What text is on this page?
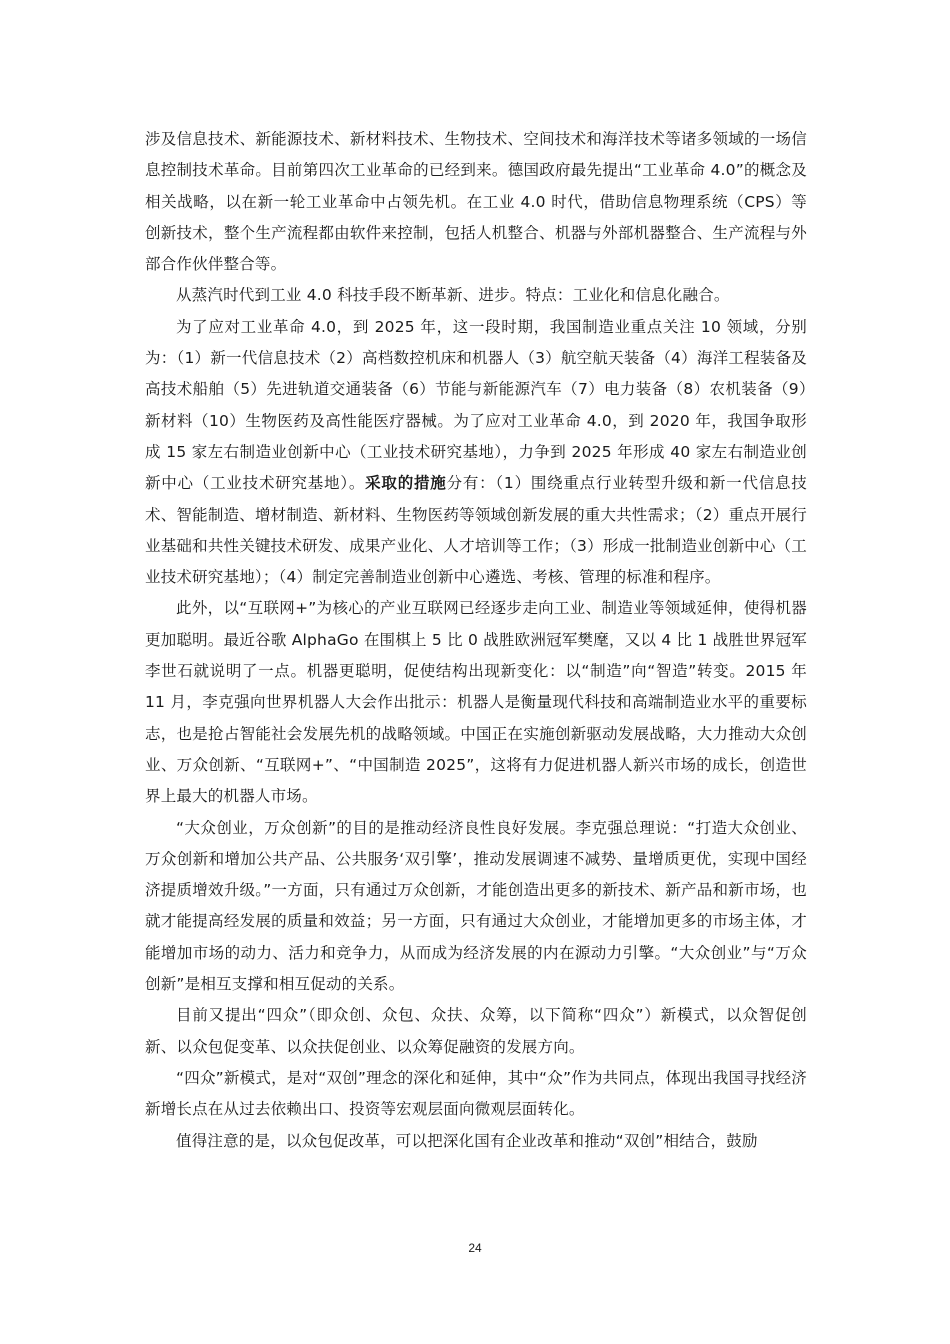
涉及信息技术、新能源技术、新材料技术、生物技术、空间技术和海洋技术等诸多领域的一场信息控制技术革命。目前第四次工业革命的已经到来。德国政府最先提出“工业革命 4.0”的概念及相关战略，以在新一轮工业革命中占领先机。在工业 4.0 时代，借助信息物理系统（CPS）等创新技术，整个生产流程都由软件来控制，包括人机整合、机器与外部机器整合、生产流程与外部合作伙伴整合等。

从蒸汽时代到工业 4.0 科技手段不断革新、进步。特点：工业化和信息化融合。

为了应对工业革命 4.0，到 2025 年，这一段时期，我国制造业重点关注 10 领域，分别为：（1）新一代信息技术（2）高档数控机床和机器人（3）航空航天装备（4）海洋工程装备及高技术船舶（5）先进轨道交通装备（6）节能与新能源汽车（7）电力装备（8）农机装备（9）新材料（10）生物医药及高性能医疗器械。为了应对工业革命 4.0，到 2020 年，我国争取形成 15 家左右制造业创新中心（工业技术研究基地），力争到 2025 年形成 40 家左右制造业创新中心（工业技术研究基地）。采取的措施分有：（1）围绕重点行业转型升级和新一代信息技术、智能制造、增材制造、新材料、生物医药等领域创新发展的重大共性需求；（2）重点开展行业基础和共性关键技术研发、成果产业化、人才培训等工作；（3）形成一批制造业创新中心（工业技术研究基地）；（4）制定完善制造业创新中心遴选、考核、管理的标准和程序。

此外，以“互联网+”为核心的产业互联网已经逐步走向工业、制造业等领域延伸，使得机器更加聪明。最近谷歌 AlphaGo 在围棋上 5 比 0 战胜欧洲冠军樊麾，又以 4 比 1 战胜世界冠军李世石就说明了一点。机器更聪明，促使结构出现新变化：以“制造”向“智造”转变。2015 年 11 月，李克强向世界机器人大会作出批示：机器人是衡量现代科技和高端制造业水平的重要标志，也是抢占智能社会发展先机的战略领域。中国正在实施创新驱动发展战略，大力推动大众创业、万众创新、“互联网+”、“中国制造 2025”，这将有力促进机器人新兴市场的成长，创造世界上最大的机器人市场。

“大众创业，万众创新”的目的是推动经济良性良好发展。李克强总理说：“打造大众创业、万众创新和增加公共产品、公共服务‘双引擎’，推动发展调速不减势、量增质更优，实现中国经济提质增效升级。”一方面，只有通过万众创新，才能创造出更多的新技术、新产品和新市场，也就才能提高经发展的质量和效益；另一方面，只有通过大众创业，才能增加更多的市场主体，才能增加市场的动力、活力和竞争力，从而成为经济发展的内在源动力引擎。“大众创业”与“万众创新”是相互支撑和相互促动的关系。

目前又提出“四众”（即众创、众包、众扶、众筹，以下简称“四众”）新模式，以众智促创新、以众包促变革、以众扶促创业、以众筹促融资的发展方向。

“四众”新模式，是对“双创”理念的深化和延伸，其中“众”作为共同点，体现出我国寻找经济新增长点在从过去依赖出口、投资等宏观层面向微观层面转化。

值得注意的是，以众包促改革，可以把深化国有企业改革和推动“双创”相结合，鼓励

24
